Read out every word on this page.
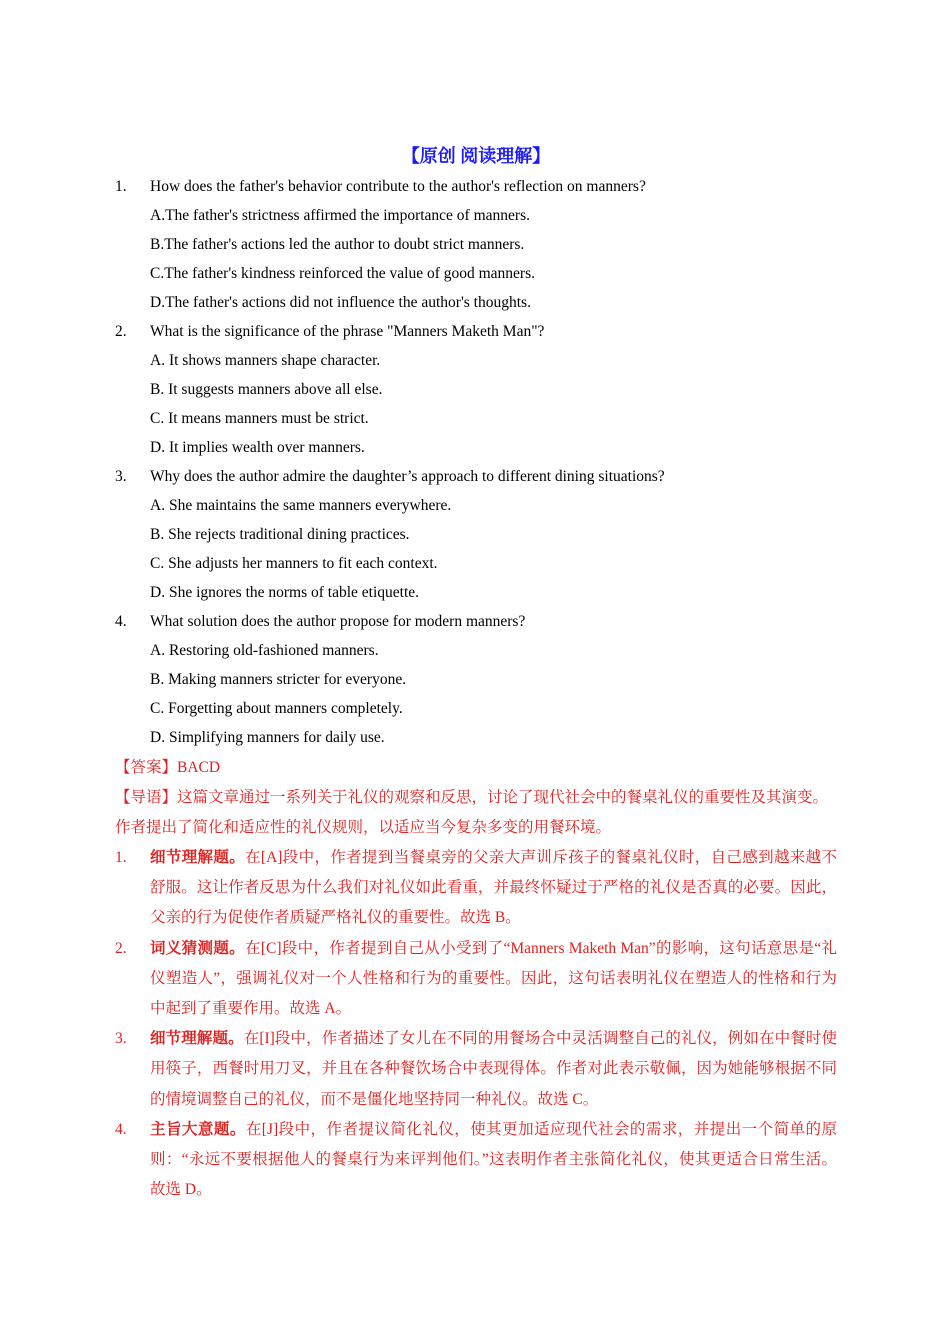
【原创 阅读理解】
1.	How does the father's behavior contribute to the author's reflection on manners?
A.The father's strictness affirmed the importance of manners.
B.The father's actions led the author to doubt strict manners.
C.The father's kindness reinforced the value of good manners.
D.The father's actions did not influence the author's thoughts.
2.	What is the significance of the phrase "Manners Maketh Man"?
A. It shows manners shape character.
B. It suggests manners above all else.
C. It means manners must be strict.
D. It implies wealth over manners.
3.	Why does the author admire the daughter’s approach to different dining situations?
A. She maintains the same manners everywhere.
B. She rejects traditional dining practices.
C. She adjusts her manners to fit each context.
D. She ignores the norms of table etiquette.
4.	What solution does the author propose for modern manners?
A. Restoring old-fashioned manners.
B. Making manners stricter for everyone.
C. Forgetting about manners completely.
D. Simplifying manners for daily use.
【答案】BACD
【导语】这篇文章通过一系列关于礼仪的观察和反思，讨论了现代社会中的餐桌礼仪的重要性及其演变。作者提出了简化和适应性的礼仪规则，以适应当今复杂多变的用餐环境。
1.	细节理解题。在[A]段中，作者提到当餐桌旁的父亲大声训斥孩子的餐桌礼仪时，自己感到越来越不舒服。这让作者反思为什么我们对礼仪如此看重，并最终怀疑过于严格的礼仪是否真的必要。因此，父亲的行为促使作者质疑严格礼仪的重要性。故选 B。
2.	词义猜测题。在[C]段中，作者提到自己从小受到了“Manners Maketh Man”的影响，这句话意思是“礼仪塑造人”，强调礼仪对一个人性格和行为的重要性。因此，这句话表明礼仪在塑造人的性格和行为中起到了重要作用。故选 A。
3.	细节理解题。在[I]段中，作者描述了女儿在不同的用餐场合中灵活调整自己的礼仪，例如在中餐时使用筷子，西餐时用刀叉，并且在各种餐饮场合中表现得体。作者对此表示敬佩，因为她能够根据不同的情境调整自己的礼仪，而不是僵化地坚持同一种礼仪。故选 C。
4.	主旨大意题。在[J]段中，作者提议简化礼仪，使其更加适应现代社会的需求，并提出一个简单的原则：“永远不要根据他人的餐桌行为来评判他们。”这表明作者主张简化礼仪，使其更适合日常生活。故选 D。
